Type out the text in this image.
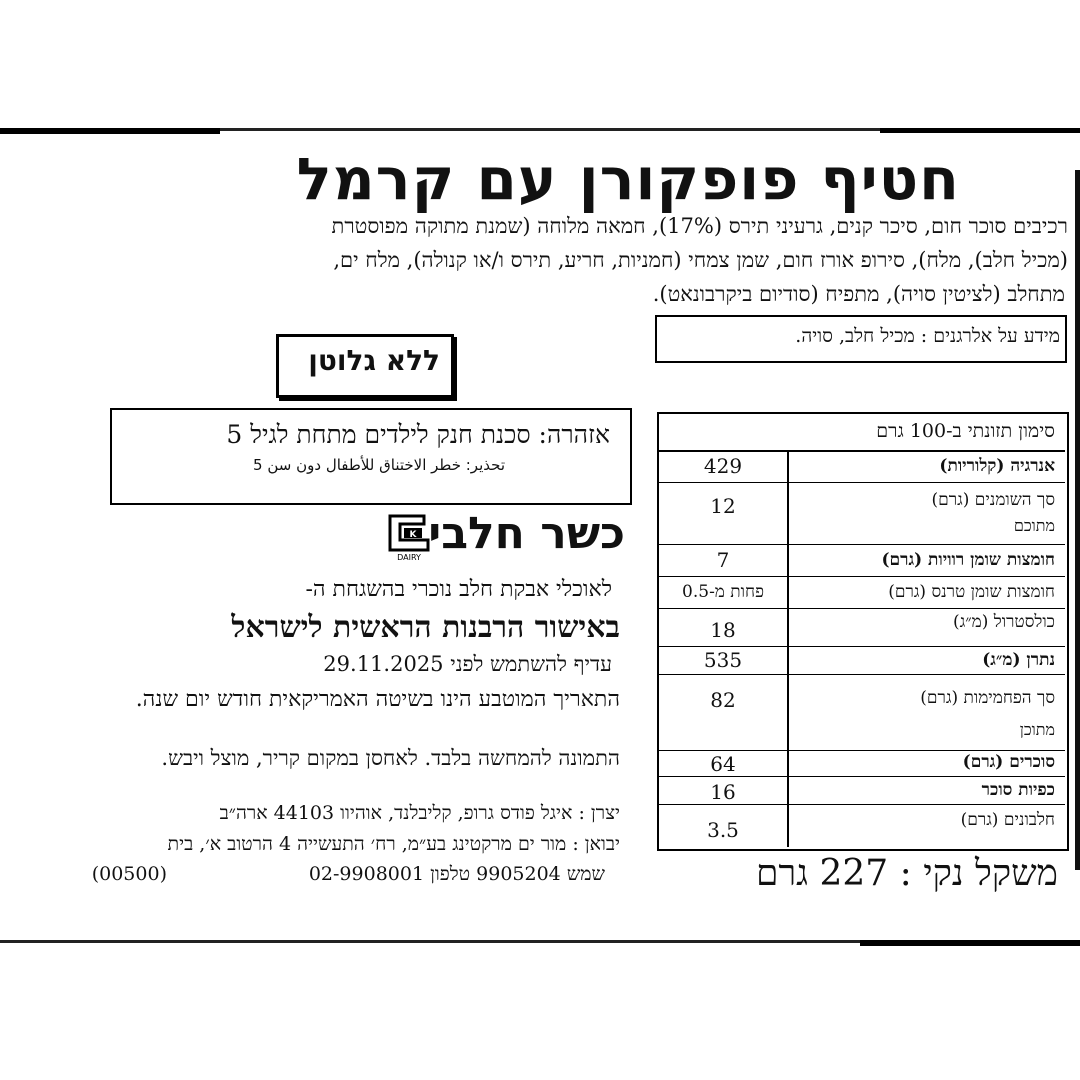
חטיף פופקורן עם קרמל
רכיבים סוכר חום, סיכר קנים, גרעיני תירס (17%), חמאה מלוחה (שמנת מתוקה מפוסטרת
(מכיל חלב), מלח), סירופ אורז חום, שמן צמחי (חמניות, חריע, תירס ו/או קנולה), מלח ים,
מתחלב (לציטין סויה), מתפיח (סודיום ביקרבונאט).
מידע על אלרגנים : מכיל חלב, סויה.
ללא גלוטן
אזהרה: סכנת חנק לילדים מתחת לגיל 5
تحذير: خطر الاختناق للأطفال دون سن 5
כשר חלבי
K
DAIRY
לאוכלי אבקת חלב נוכרי בהשגחת ה-
באישור הרבנות הראשית לישראל
עדיף להשתמש לפני 29.11.2025
התאריך המוטבע הינו בשיטה האמריקאית חודש יום שנה.
התמונה להמחשה בלבד. לאחסן במקום קריר, מוצל ויבש.
יצרן : איגל פודס גרופ, קליבלנד, אוהיוו 44103 ארה״ב
יבואן : מור ים מרקטינג בע״מ, רח׳ התעשייה 4 הרטוב א׳, בית
שמש 9905204 טלפון 02-9908001
(00500)
סימון תזונתי ב-100 גרם
429	אנרגיה (קלוריות)
12	סך השומנים (גרם)
מתוכם
7	חומצות שומן רוויות (גרם)
פחות מ-0.5	חומצות שומן טרנס (גרם)
18	כולסטרול (מ״ג)
535	נתרן (מ״ג)
82	סך הפחמימות (גרם)
מתוכן
64	סוכרים (גרם)
16	כפיות סוכר
3.5	חלבונים (גרם)
משקל נקי : 227 גרם
